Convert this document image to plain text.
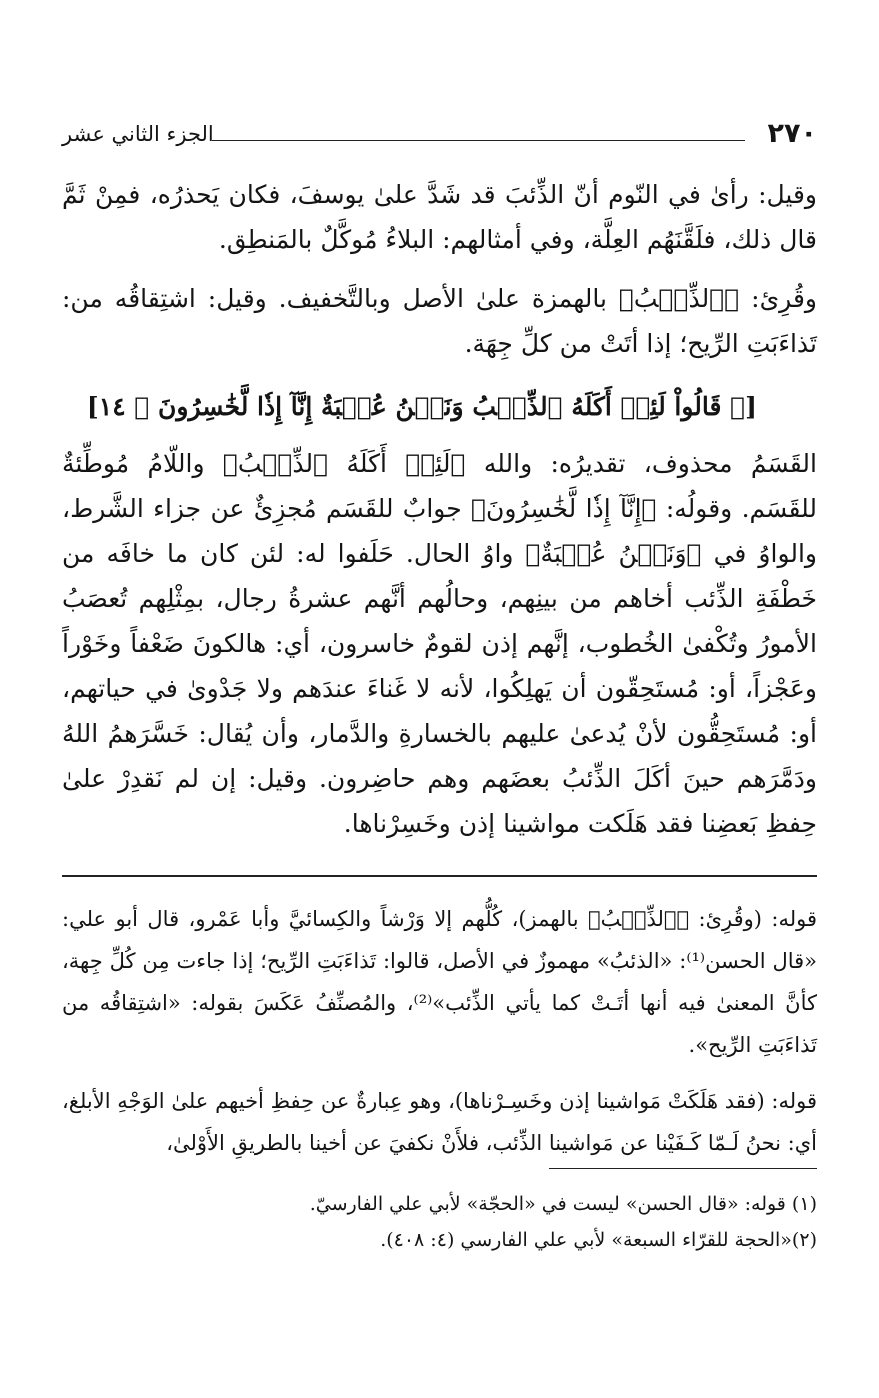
٢٧٠
الجزء الثاني عشر

وقيل: رأىٰ في النّوم أنّ الذِّئبَ قد شَدَّ علىٰ يوسفَ، فكان يَحذرُه، فمِنْ ثَمَّ قال ذلك، فلَقَّنَهُم العِلَّة، وفي أمثالهم: البلاءُ مُوكَّلٌ بالمَنطِق.

وقُرِئ: ﴿ٱلذِّئۡبُ﴾ بالهمزة علىٰ الأصل وبالتَّخفيف. وقيل: اشتِقاقُه من: تَذاءَبَتِ الرِّيح؛ إذا أتَتْ من كلِّ جِهَة.

[﴿ قَالُواْ لَئِنۡ أَكَلَهُ ٱلذِّئۡبُ وَنَحۡنُ عُصۡبَةٌ إِنَّآ إِذٗا لَّخَٰسِرُونَ ﴾ ١٤]

القَسَمُ محذوف، تقديرُه: والله ﴿لَئِنۡ أَكَلَهُ ٱلذِّئۡبُ﴾ واللّامُ مُوطِّئةٌ للقَسَم. وقولُه: ﴿إِنَّآ إِذٗا لَّخَٰسِرُونَ﴾ جوابٌ للقَسَم مُجزِئٌ عن جزاء الشَّرط، والواوُ في ﴿وَنَحۡنُ عُصۡبَةٌ﴾ واوُ الحال. حَلَفوا له: لئن كان ما خافَه من خَطْفَةِ الذِّئب أخاهم من بينِهم، وحالُهم أنَّهم عشرةُ رجال، بمِثْلِهم تُعصَبُ الأمورُ وتُكْفىٰ الخُطوب، إنَّهم إذن لقومٌ خاسرون، أي: هالكونَ ضَعْفاً وخَوْراً وعَجْزاً، أو: مُستَحِقّون أن يَهلِكُوا، لأنه لا غَناءَ عندَهم ولا جَدْوىٰ في حياتهم، أو: مُستَحِقُّون لأنْ يُدعىٰ عليهم بالخسارةِ والدَّمار، وأن يُقال: خَسَّرَهمُ اللهُ ودَمَّرَهم حينَ أكَلَ الذِّئبُ بعضَهم وهم حاضِرون. وقيل: إن لم نَقدِرْ علىٰ حِفظِ بَعضِنا فقد هَلَكت مواشينا إذن وخَسِرْناها.

قوله: (وقُرِئ: ﴿ٱلذِّئۡبُ﴾ بالهمز)، كُلُّهم إلا وَرْشاً والكِسائيَّ وأبا عَمْرو، قال أبو علي: «قال الحسن⁽¹⁾: «الذئبُ» مهموزٌ في الأصل، قالوا: تَذاءَبَتِ الرِّيح؛ إذا جاءت مِن كُلِّ جِهة، كأنَّ المعنىٰ فيه أنها أتَـتْ كما يأتي الذِّئب»⁽²⁾، والمُصنِّفُ عَكَسَ بقوله: «اشتِقاقُه من تَذاءَبَتِ الرِّيح».

قوله: (فقد هَلَكَتْ مَواشينا إذن وخَسِـرْناها)، وهو عِبارةٌ عن حِفظِ أخيهم علىٰ الوَجْهِ الأبلغ، أي: نحنُ لَـمّا كَـفَيْنا عن مَواشينا الذِّئب، فلأَنْ نكفيَ عن أخينا بالطريقِ الأَوْلىٰ،

(١) قوله: «قال الحسن» ليست في «الحجّة» لأبي علي الفارسيّ.

(٢)«الحجة للقرّاء السبعة» لأبي علي الفارسي (٤: ٤٠٨).
